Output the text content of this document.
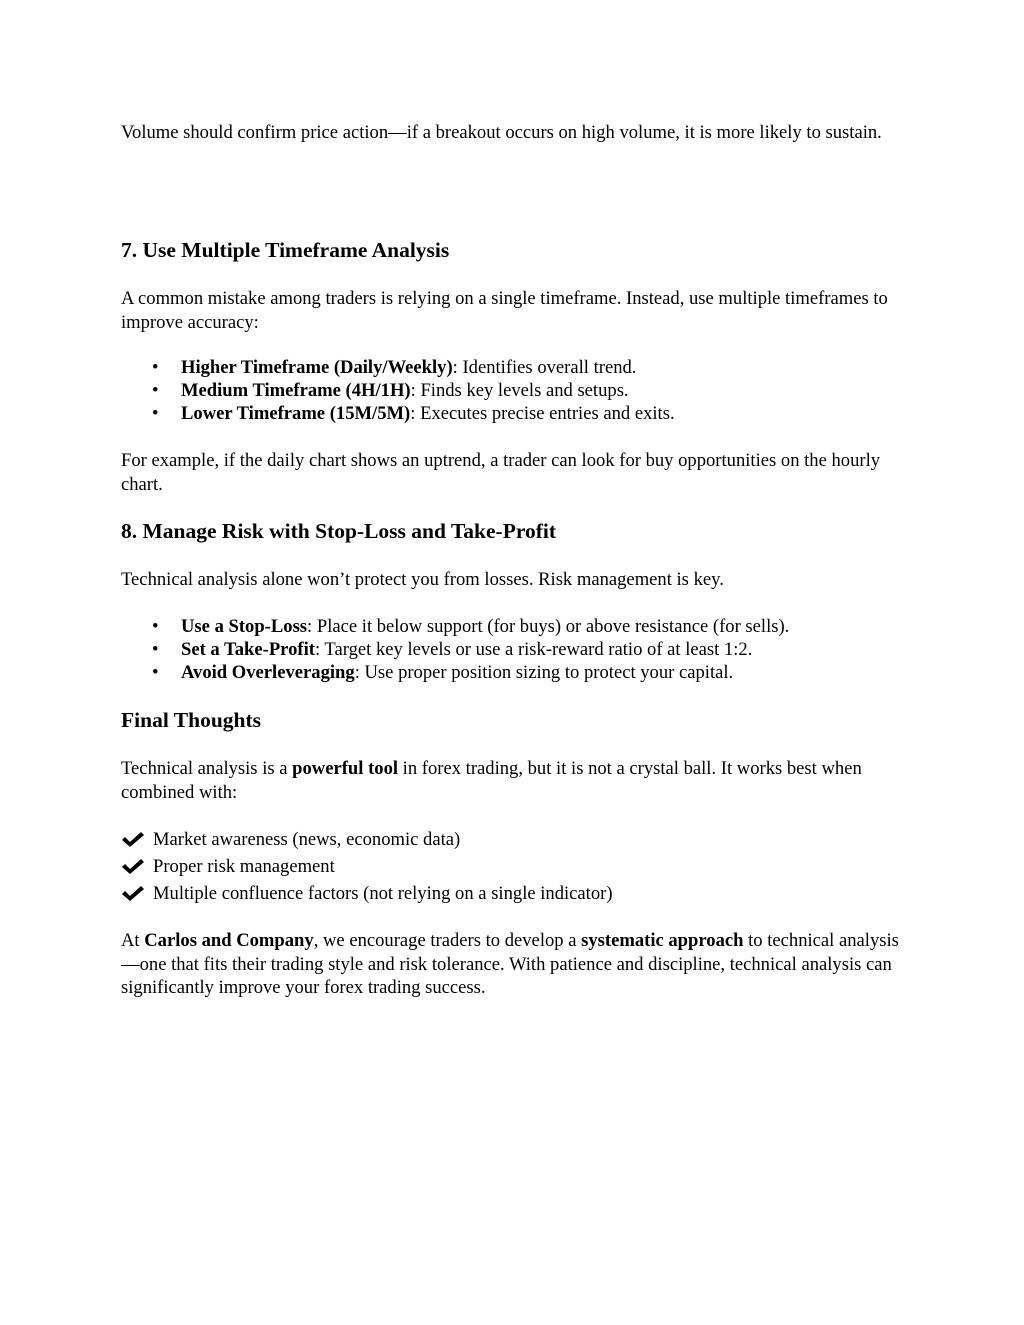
Volume should confirm price action—if a breakout occurs on high volume, it is more likely to sustain.

7. Use Multiple Timeframe Analysis

A common mistake among traders is relying on a single timeframe. Instead, use multiple timeframes to improve accuracy:

• Higher Timeframe (Daily/Weekly): Identifies overall trend.
• Medium Timeframe (4H/1H): Finds key levels and setups.
• Lower Timeframe (15M/5M): Executes precise entries and exits.

For example, if the daily chart shows an uptrend, a trader can look for buy opportunities on the hourly chart.

8. Manage Risk with Stop-Loss and Take-Profit

Technical analysis alone won’t protect you from losses. Risk management is key.

• Use a Stop-Loss: Place it below support (for buys) or above resistance (for sells).
• Set a Take-Profit: Target key levels or use a risk-reward ratio of at least 1:2.
• Avoid Overleveraging: Use proper position sizing to protect your capital.
Final Thoughts

Technical analysis is a powerful tool in forex trading, but it is not a crystal ball. It works best when combined with:

Market awareness (news, economic data)
Proper risk management
Multiple confluence factors (not relying on a single indicator)

At Carlos and Company, we encourage traders to develop a systematic approach to technical analysis—one that fits their trading style and risk tolerance. With patience and discipline, technical analysis can significantly improve your forex trading success.
